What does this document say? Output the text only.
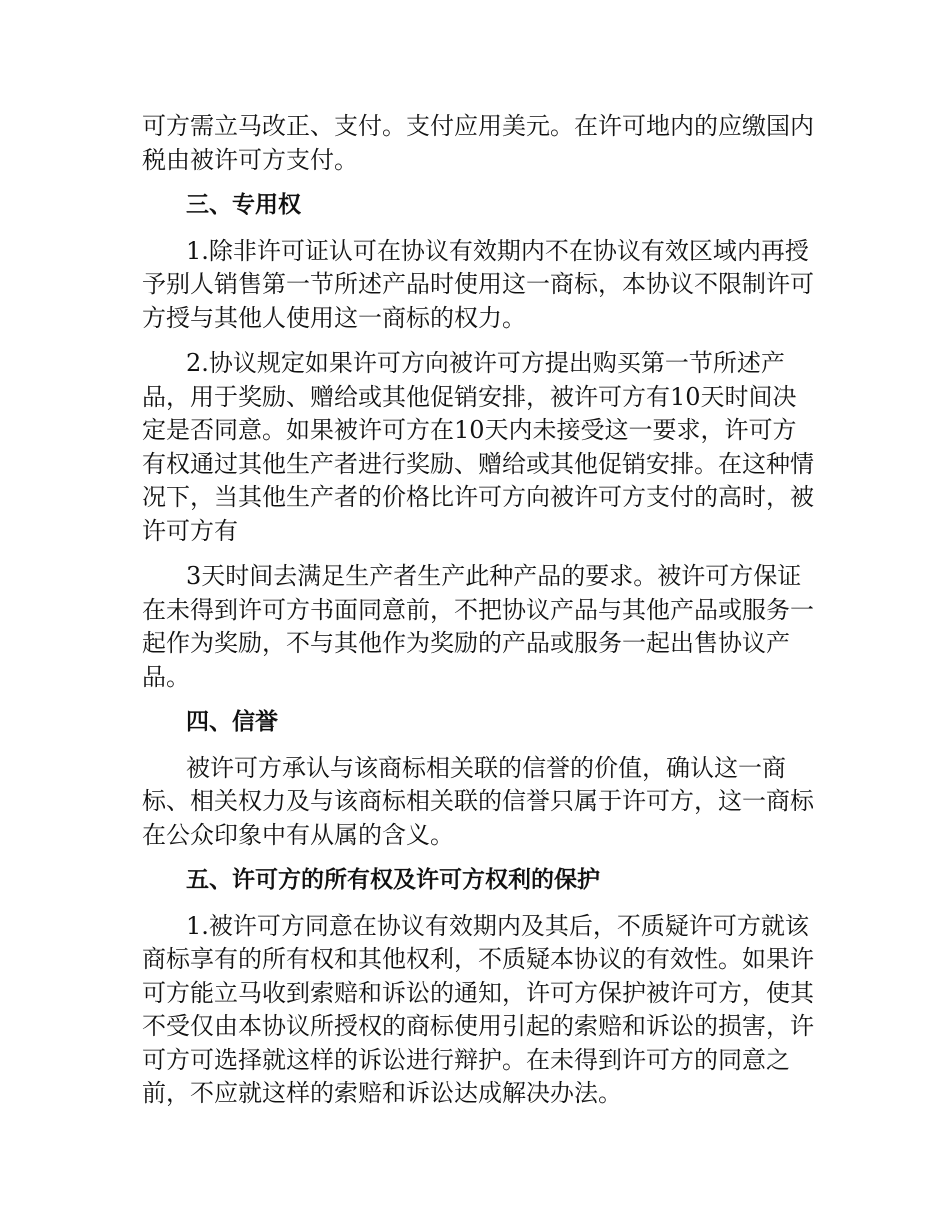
可方需立马改正、支付。支付应用美元。在许可地内的应缴国内税由被许可方支付。

三、专用权

1.除非许可证认可在协议有效期内不在协议有效区域内再授予别人销售第一节所述产品时使用这一商标，本协议不限制许可方授与其他人使用这一商标的权力。

2.协议规定如果许可方向被许可方提出购买第一节所述产品，用于奖励、赠给或其他促销安排，被许可方有10天时间决定是否同意。如果被许可方在10天内未接受这一要求，许可方有权通过其他生产者进行奖励、赠给或其他促销安排。在这种情况下，当其他生产者的价格比许可方向被许可方支付的高时，被许可方有

3天时间去满足生产者生产此种产品的要求。被许可方保证在未得到许可方书面同意前，不把协议产品与其他产品或服务一起作为奖励，不与其他作为奖励的产品或服务一起出售协议产品。

四、信誉

被许可方承认与该商标相关联的信誉的价值，确认这一商标、相关权力及与该商标相关联的信誉只属于许可方，这一商标在公众印象中有从属的含义。

五、许可方的所有权及许可方权利的保护

1.被许可方同意在协议有效期内及其后，不质疑许可方就该商标享有的所有权和其他权利，不质疑本协议的有效性。如果许可方能立马收到索赔和诉讼的通知，许可方保护被许可方，使其不受仅由本协议所授权的商标使用引起的索赔和诉讼的损害，许可方可选择就这样的诉讼进行辩护。在未得到许可方的同意之前，不应就这样的索赔和诉讼达成解决办法。
